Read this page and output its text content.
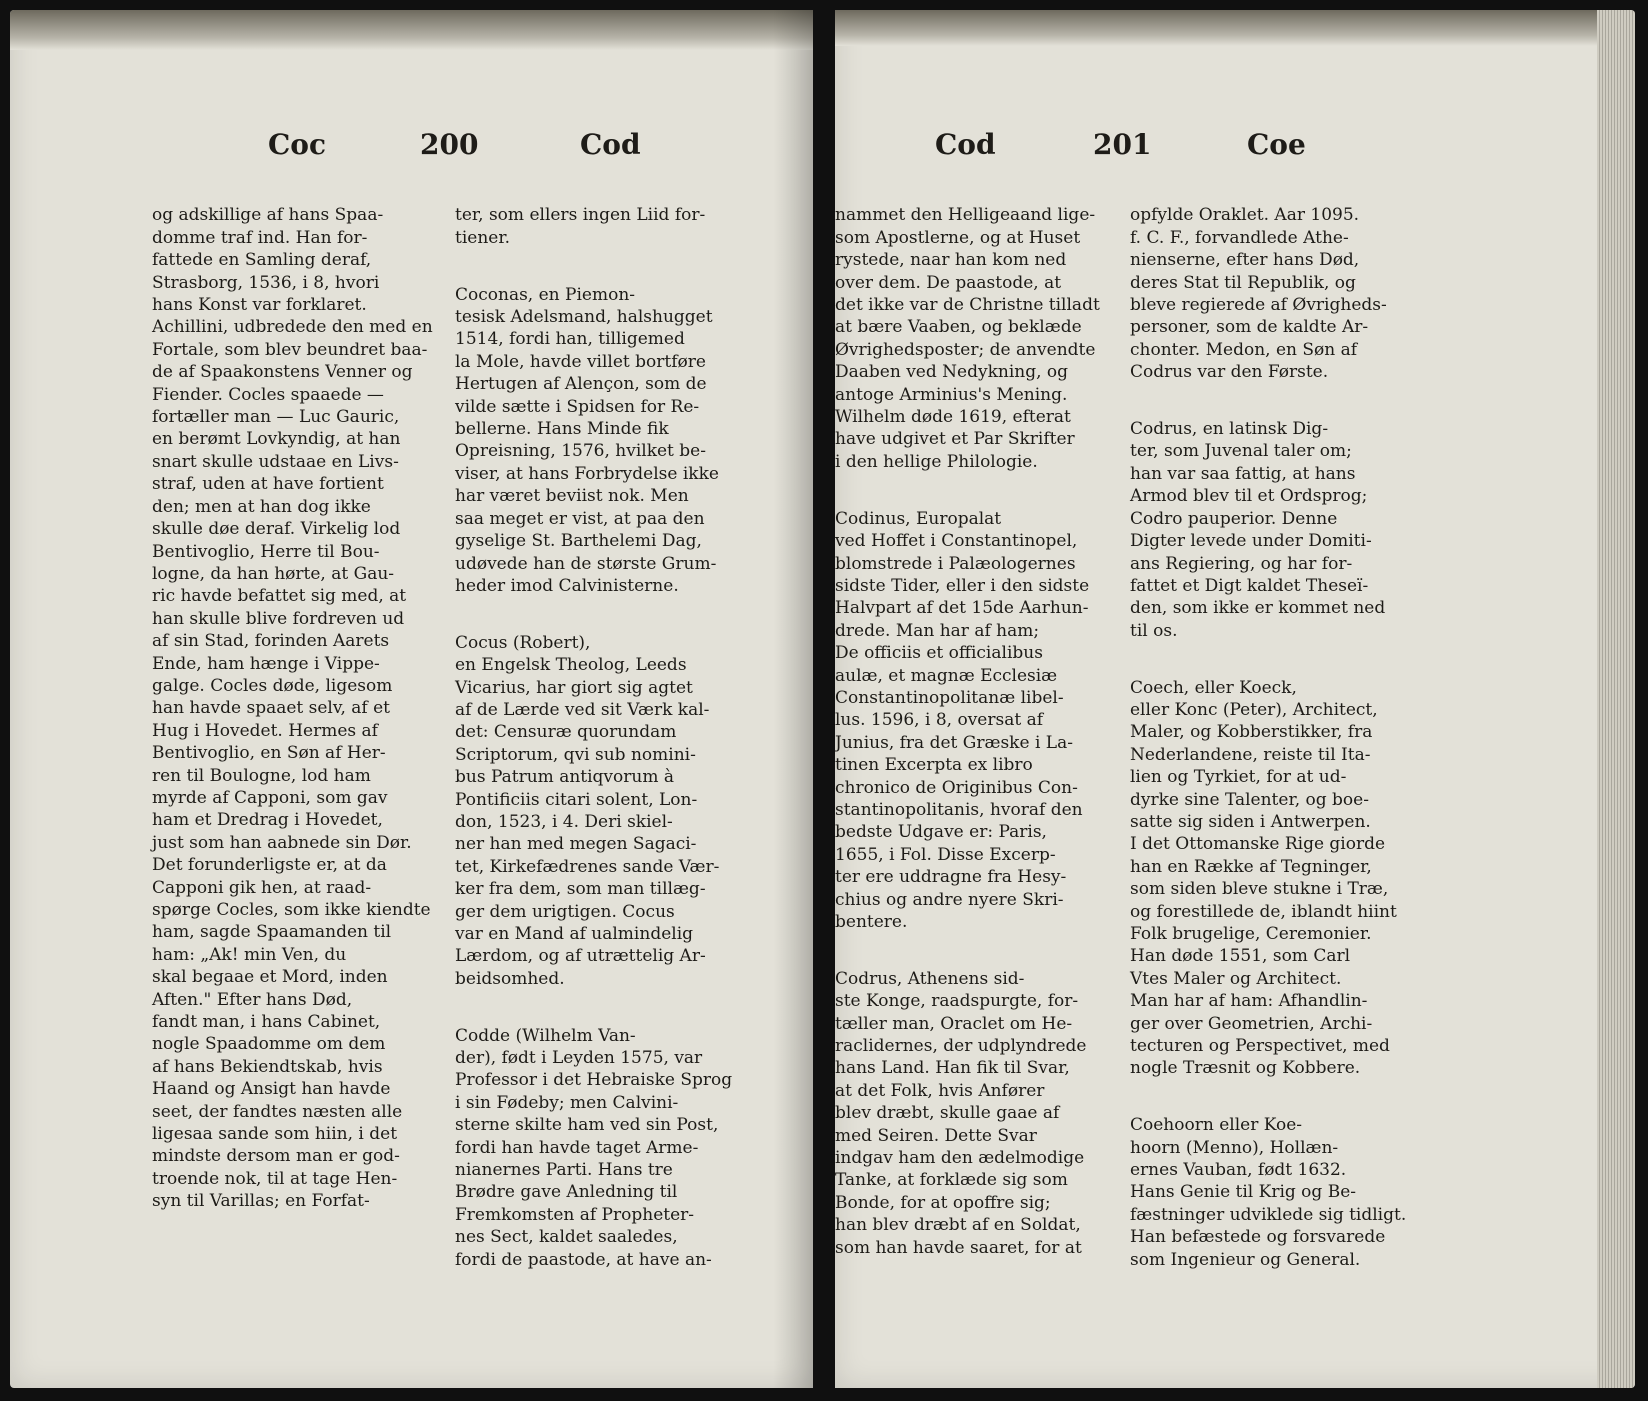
Coc	200	Cod

og adskillige af hans Spaa-
domme traf ind. Han for-
fattede en Samling deraf,
Strasborg, 1536, i 8, hvori
hans Konst var forklaret.
Achillini, udbredede den med en
Fortale, som blev beundret baa-
de af Spaakonstens Venner og
Fiender. Cocles spaaede —
fortæller man — Luc Gauric,
en berømt Lovkyndig, at han
snart skulle udstaae en Livs-
straf, uden at have fortient
den; men at han dog ikke
skulle døe deraf. Virkelig lod
Bentivoglio, Herre til Bou-
logne, da han hørte, at Gau-
ric havde befattet sig med, at
han skulle blive fordreven ud
af sin Stad, forinden Aarets
Ende, ham hænge i Vippe-
galge. Cocles døde, ligesom
han havde spaaet selv, af et
Hug i Hovedet. Hermes af
Bentivoglio, en Søn af Her-
ren til Boulogne, lod ham
myrde af Capponi, som gav
ham et Dredrag i Hovedet,
just som han aabnede sin Dør.
Det forunderligste er, at da
Capponi gik hen, at raad-
spørge Cocles, som ikke kiendte
ham, sagde Spaamanden til
ham: „Ak! min Ven, du
skal begaae et Mord, inden
Aften." Efter hans Død,
fandt man, i hans Cabinet,
nogle Spaadomme om dem
af hans Bekiendtskab, hvis
Haand og Ansigt han havde
seet, der fandtes næsten alle
ligesaa sande som hiin, i det
mindste dersom man er god-
troende nok, til at tage Hen-
syn til Varillas; en Forfat-

ter, som ellers ingen Liid for-
tiener.

Coconas, en Piemon-
tesisk Adelsmand, halshugget
1514, fordi han, tilligemed
la Mole, havde villet bortføre
Hertugen af Alençon, som de
vilde sætte i Spidsen for Re-
bellerne. Hans Minde fik
Opreisning, 1576, hvilket be-
viser, at hans Forbrydelse ikke
har været beviist nok. Men
saa meget er vist, at paa den
gyselige St. Barthelemi Dag,
udøvede han de største Grum-
heder imod Calvinisterne.

Cocus (Robert),
en Engelsk Theolog, Leeds
Vicarius, har giort sig agtet
af de Lærde ved sit Værk kal-
det: Censuræ quorundam
Scriptorum, qvi sub nomini-
bus Patrum antiqvorum à
Pontificiis citari solent, Lon-
don, 1523, i 4. Deri skiel-
ner han med megen Sagaci-
tet, Kirkefædrenes sande Vær-
ker fra dem, som man tillæg-
ger dem urigtigen. Cocus
var en Mand af ualmindelig
Lærdom, og af utrættelig Ar-
beidsomhed.

Codde (Wilhelm Van-
der), født i Leyden 1575, var
Professor i det Hebraiske Sprog
i sin Fødeby; men Calvini-
sterne skilte ham ved sin Post,
fordi han havde taget Arme-
nianernes Parti. Hans tre
Brødre gave Anledning til
Fremkomsten af Propheter-
nes Sect, kaldet saaledes,
fordi de paastode, at have an-

Cod	201	Coe

nammet den Helligeaand lige-
som Apostlerne, og at Huset
rystede, naar han kom ned
over dem. De paastode, at
det ikke var de Christne tilladt
at bære Vaaben, og beklæde
Øvrighedsposter; de anvendte
Daaben ved Nedykning, og
antoge Arminius's Mening.
Wilhelm døde 1619, efterat
have udgivet et Par Skrifter
i den hellige Philologie.

Codinus, Europalat
ved Hoffet i Constantinopel,
blomstrede i Palæologernes
sidste Tider, eller i den sidste
Halvpart af det 15de Aarhun-
drede. Man har af ham;
De officiis et officialibus
aulæ, et magnæ Ecclesiæ
Constantinopolitanæ libel-
lus. 1596, i 8, oversat af
Junius, fra det Græske i La-
tinen Excerpta ex libro
chronico de Originibus Con-
stantinopolitanis, hvoraf den
bedste Udgave er: Paris,
1655, i Fol. Disse Excerp-
ter ere uddragne fra Hesy-
chius og andre nyere Skri-
bentere.

Codrus, Athenens sid-
ste Konge, raadspurgte, for-
tæller man, Oraclet om He-
raclidernes, der udplyndrede
hans Land. Han fik til Svar,
at det Folk, hvis Anfører
blev dræbt, skulle gaae af
med Seiren. Dette Svar
indgav ham den ædelmodige
Tanke, at forklæde sig som
Bonde, for at opoffre sig;
han blev dræbt af en Soldat,
som han havde saaret, for at

opfylde Oraklet. Aar 1095.
f. C. F., forvandlede Athe-
nienserne, efter hans Død,
deres Stat til Republik, og
bleve regierede af Øvrigheds-
personer, som de kaldte Ar-
chonter. Medon, en Søn af
Codrus var den Første.

Codrus, en latinsk Dig-
ter, som Juvenal taler om;
han var saa fattig, at hans
Armod blev til et Ordsprog;
Codro pauperior. Denne
Digter levede under Domiti-
ans Regiering, og har for-
fattet et Digt kaldet Theseï-
den, som ikke er kommet ned
til os.

Coech, eller Koeck,
eller Konc (Peter), Architect,
Maler, og Kobberstikker, fra
Nederlandene, reiste til Ita-
lien og Tyrkiet, for at ud-
dyrke sine Talenter, og boe-
satte sig siden i Antwerpen.
I det Ottomanske Rige giorde
han en Række af Tegninger,
som siden bleve stukne i Træ,
og forestillede de, iblandt hiint
Folk brugelige, Ceremonier.
Han døde 1551, som Carl
Vtes Maler og Architect.
Man har af ham: Afhandlin-
ger over Geometrien, Archi-
tecturen og Perspectivet, med
nogle Træsnit og Kobbere.

Coehoorn eller Koe-
hoorn (Menno), Hollæn-
ernes Vauban, født 1632.
Hans Genie til Krig og Be-
fæstninger udviklede sig tidligt.
Han befæstede og forsvarede
som Ingenieur og General.
